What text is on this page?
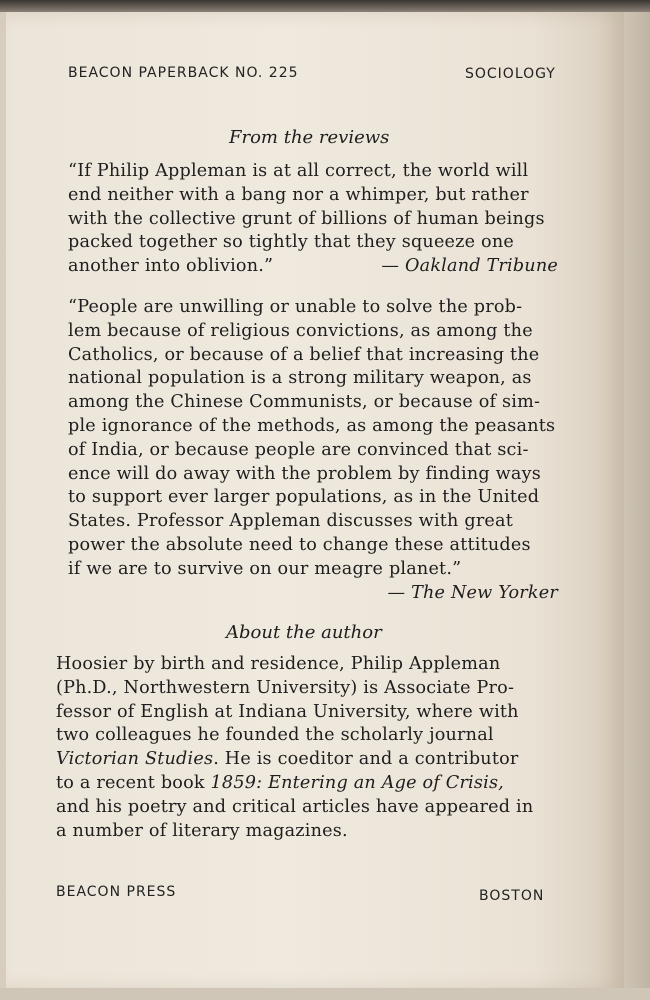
BEACON PAPERBACK NO. 225	SOCIOLOGY
From the reviews
“If Philip Appleman is at all correct, the world will
end neither with a bang nor a whimper, but rather
with the collective grunt of billions of human beings
packed together so tightly that they squeeze one
another into oblivion.”	— Oakland Tribune
“People are unwilling or unable to solve the prob-
lem because of religious convictions, as among the
Catholics, or because of a belief that increasing the
national population is a strong military weapon, as
among the Chinese Communists, or because of sim-
ple ignorance of the methods, as among the peasants
of India, or because people are convinced that sci-
ence will do away with the problem by finding ways
to support ever larger populations, as in the United
States. Professor Appleman discusses with great
power the absolute need to change these attitudes
if we are to survive on our meagre planet.”
— The New Yorker
About the author
Hoosier by birth and residence, Philip Appleman
(Ph.D., Northwestern University) is Associate Pro-
fessor of English at Indiana University, where with
two colleagues he founded the scholarly journal
Victorian Studies. He is coeditor and a contributor
to a recent book 1859: Entering an Age of Crisis,
and his poetry and critical articles have appeared in
a number of literary magazines.
BEACON PRESS	BOSTON
